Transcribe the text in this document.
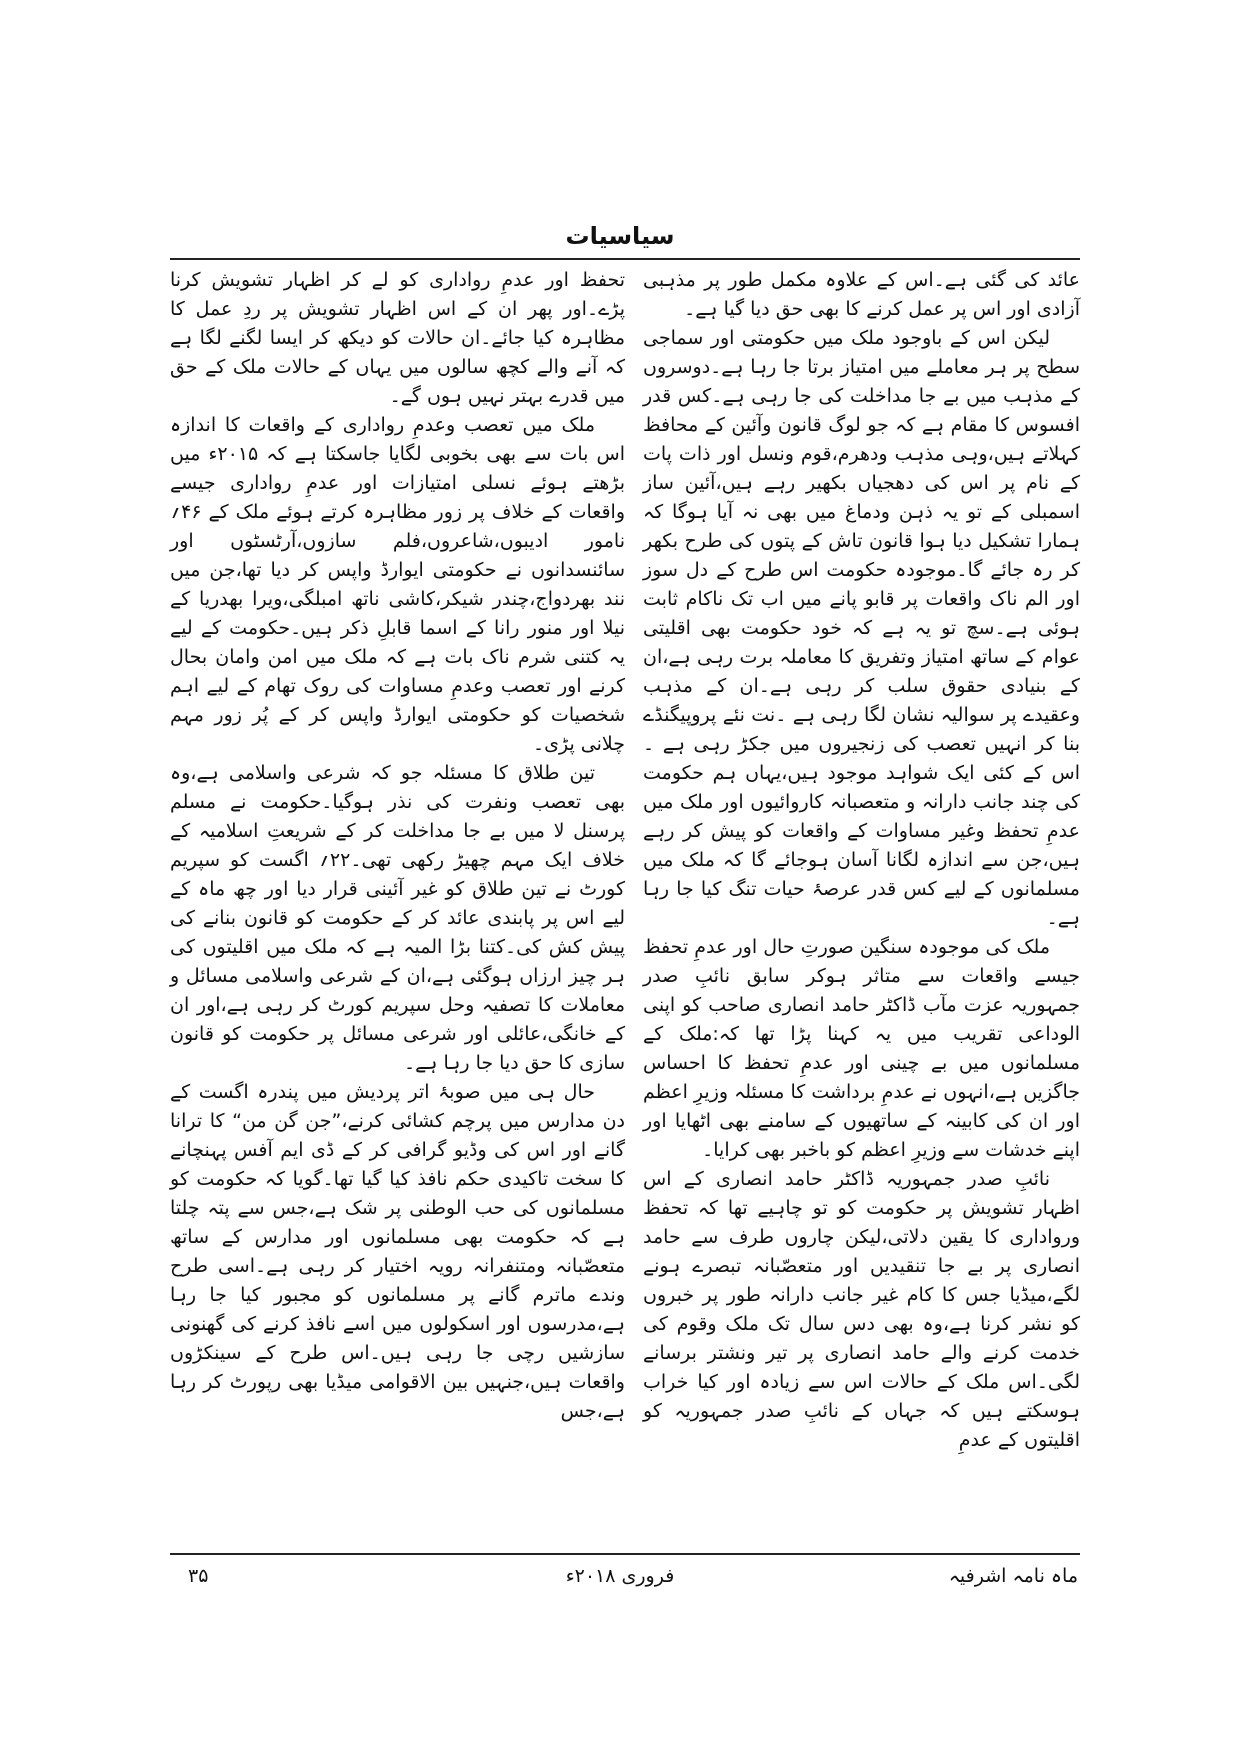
سیاسیات

عائد کی گئی ہے۔اس کے علاوہ مکمل طور پر مذہبی آزادی اور اس پر عمل کرنے کا بھی حق دیا گیا ہے۔

لیکن اس کے باوجود ملک میں حکومتی اور سماجی سطح پر ہر معاملے میں امتیاز برتا جا رہا ہے۔دوسروں کے مذہب میں بے جا مداخلت کی جا رہی ہے۔کس قدر افسوس کا مقام ہے کہ جو لوگ قانون وآئین کے محافظ کہلاتے ہیں،وہی مذہب ودھرم،قوم ونسل اور ذات پات کے نام پر اس کی دھجیاں بکھیر رہے ہیں،آئین ساز اسمبلی کے تو یہ ذہن ودماغ میں بھی نہ آیا ہوگا کہ ہمارا تشکیل دیا ہوا قانون تاش کے پتوں کی طرح بکھر کر رہ جائے گا۔موجودہ حکومت اس طرح کے دل سوز اور الم ناک واقعات پر قابو پانے میں اب تک ناکام ثابت ہوئی ہے۔سچ تو یہ ہے کہ خود حکومت بھی اقلیتی عوام کے ساتھ امتیاز وتفریق کا معاملہ برت رہی ہے،ان کے بنیادی حقوق سلب کر رہی ہے۔ان کے مذہب وعقیدے پر سوالیہ نشان لگا رہی ہے ۔نت نئے پروپیگنڈے بنا کر انہیں تعصب کی زنجیروں میں جکڑ رہی ہے ۔اس کے کئی ایک شواہد موجود ہیں،یہاں ہم حکومت کی چند جانب دارانہ و متعصبانہ کاروائیوں اور ملک میں عدمِ تحفظ وغیر مساوات کے واقعات کو پیش کر رہے ہیں،جن سے اندازہ لگانا آسان ہوجائے گا کہ ملک میں مسلمانوں کے لیے کس قدر عرصۂ حیات تنگ کیا جا رہا ہے۔

ملک کی موجودہ سنگین صورتِ حال اور عدمِ تحفظ جیسے واقعات سے متاثر ہوکر سابق نائبِ صدر جمہوریہ عزت مآب ڈاکٹر حامد انصاری صاحب کو اپنی الوداعی تقریب میں یہ کہنا پڑا تھا کہ:ملک کے مسلمانوں میں بے چینی اور عدمِ تحفظ کا احساس جاگزیں ہے،انہوں نے عدمِ برداشت کا مسئلہ وزیرِ اعظم اور ان کی کابینہ کے ساتھیوں کے سامنے بھی اٹھایا اور اپنے خدشات سے وزیرِ اعظم کو باخبر بھی کرایا۔

نائبِ صدر جمہوریہ ڈاکٹر حامد انصاری کے اس اظہار تشویش پر حکومت کو تو چاہیے تھا کہ تحفظ ورواداری کا یقین دلاتی،لیکن چاروں طرف سے حامد انصاری پر بے جا تنقیدیں اور متعصّبانہ تبصرے ہونے لگے،میڈیا جس کا کام غیر جانب دارانہ طور پر خبروں کو نشر کرنا ہے،وہ بھی دس سال تک ملک وقوم کی خدمت کرنے والے حامد انصاری پر تیر ونشتر برسانے لگی۔اس ملک کے حالات اس سے زیادہ اور کیا خراب ہوسکتے ہیں کہ جہاں کے نائبِ صدر جمہوریہ کو اقلیتوں کے عدمِ

تحفظ اور عدمِ رواداری کو لے کر اظہار تشویش کرنا پڑے۔اور پھر ان کے اس اظہار تشویش پر ردِ عمل کا مظاہرہ کیا جائے۔ان حالات کو دیکھ کر ایسا لگنے لگا ہے کہ آنے والے کچھ سالوں میں یہاں کے حالات ملک کے حق میں قدرے بہتر نہیں ہوں گے۔

ملک میں تعصب وعدمِ رواداری کے واقعات کا اندازہ اس بات سے بھی بخوبی لگایا جاسکتا ہے کہ ۲۰۱۵ء میں بڑھتے ہوئے نسلی امتیازات اور عدمِ رواداری جیسے واقعات کے خلاف پر زور مظاہرہ کرتے ہوئے ملک کے ۴۶؍ نامور ادیبوں،شاعروں،فلم سازوں،آرٹسٹوں اور سائنسدانوں نے حکومتی ایوارڈ واپس کر دیا تھا،جن میں نند بھردواج،چندر شیکر،کاشی ناتھ امبلگی،ویرا بھدریا کے نیلا اور منور رانا کے اسما قابلِ ذکر ہیں۔حکومت کے لیے یہ کتنی شرم ناک بات ہے کہ ملک میں امن وامان بحال کرنے اور تعصب وعدمِ مساوات کی روک تھام کے لیے اہم شخصیات کو حکومتی ایوارڈ واپس کر کے پُر زور مہم چلانی پڑی۔

تین طلاق کا مسئلہ جو کہ شرعی واسلامی ہے،وہ بھی تعصب ونفرت کی نذر ہوگیا۔حکومت نے مسلم پرسنل لا میں بے جا مداخلت کر کے شریعتِ اسلامیہ کے خلاف ایک مہم چھیڑ رکھی تھی۔۲۲؍ اگست کو سپریم کورٹ نے تین طلاق کو غیر آئینی قرار دیا اور چھ ماہ کے لیے اس پر پابندی عائد کر کے حکومت کو قانون بنانے کی پیش کش کی۔کتنا بڑا المیہ ہے کہ ملک میں اقلیتوں کی ہر چیز ارزاں ہوگئی ہے،ان کے شرعی واسلامی مسائل و معاملات کا تصفیہ وحل سپریم کورٹ کر رہی ہے،اور ان کے خانگی،عائلی اور شرعی مسائل پر حکومت کو قانون سازی کا حق دیا جا رہا ہے۔

حال ہی میں صوبۂ اتر پردیش میں پندرہ اگست کے دن مدارس میں پرچم کشائی کرنے،”جن گن من“ کا ترانا گانے اور اس کی وڈیو گرافی کر کے ڈی ایم آفس پہنچانے کا سخت تاکیدی حکم نافذ کیا گیا تھا۔گویا کہ حکومت کو مسلمانوں کی حب الوطنی پر شک ہے،جس سے پتہ چلتا ہے کہ حکومت بھی مسلمانوں اور مدارس کے ساتھ متعصّبانہ ومتنفرانہ رویہ اختیار کر رہی ہے۔اسی طرح وندے ماترم گانے پر مسلمانوں کو مجبور کیا جا رہا ہے،مدرسوں اور اسکولوں میں اسے نافذ کرنے کی گھنونی سازشیں رچی جا رہی ہیں۔اس طرح کے سینکڑوں واقعات ہیں،جنہیں بین الاقوامی میڈیا بھی رپورٹ کر رہا ہے،جس

ماہ نامہ اشرفیہ
فروری ۲۰۱۸ء
۳۵
